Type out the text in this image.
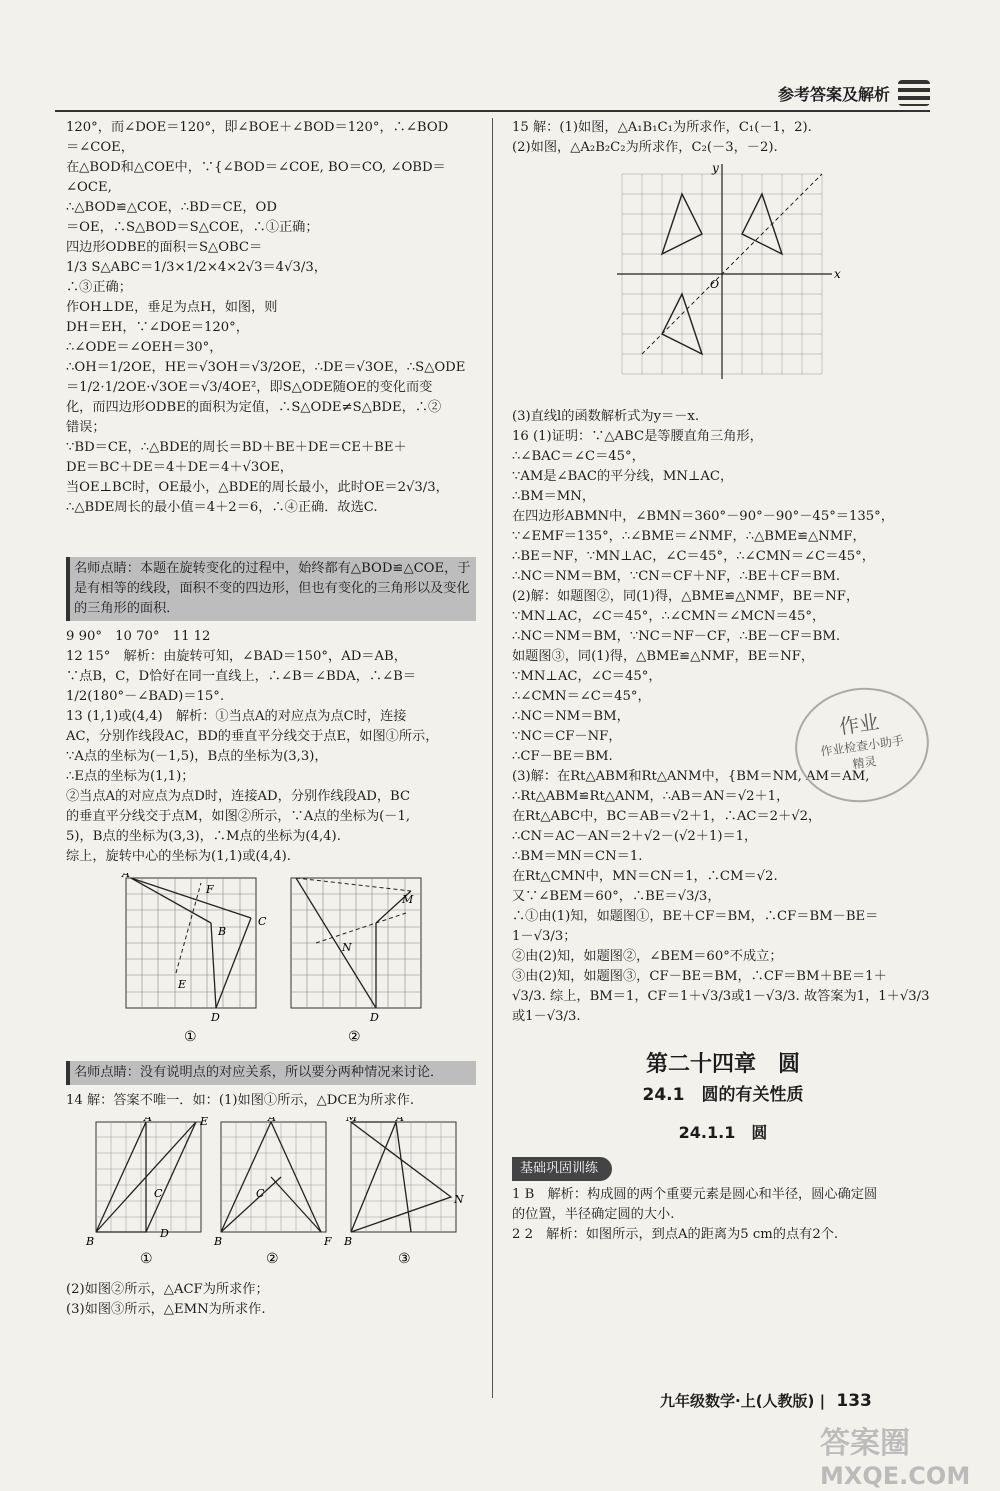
参考答案及解析
120°，而∠DOE＝120°，即∠BOE＋∠BOD＝120°，∴∠BOD
＝∠COE，
在△BOD和△COE中，∵{∠BOD＝∠COE, BO＝CO, ∠OBD＝∠OCE,
∴△BOD≌△COE，∴BD＝CE，OD
＝OE，∴S△BOD＝S△COE，∴①正确；
四边形ODBE的面积＝S△OBC＝
1/3 S△ABC＝1/3×1/2×4×2√3＝4√3/3，
∴③正确；
作OH⊥DE，垂足为点H，如图，则
DH＝EH，∵∠DOE＝120°，
∴∠ODE＝∠OEH＝30°，
∴OH＝1/2OE，HE＝√3OH＝√3/2OE，∴DE＝√3OE，∴S△ODE
＝1/2·1/2OE·√3OE＝√3/4OE²，即S△ODE随OE的变化而变
化，而四边形ODBE的面积为定值，∴S△ODE≠S△BDE，∴②
错误；
∵BD＝CE，∴△BDE的周长＝BD＋BE＋DE＝CE＋BE＋
DE＝BC＋DE＝4＋DE＝4＋√3OE，
当OE⊥BC时，OE最小，△BDE的周长最小，此时OE＝2√3/3，
∴△BDE周长的最小值＝4＋2＝6，∴④正确．故选C.
名师点睛：本题在旋转变化的过程中，始终都有△BOD≌△COE，于是有相等的线段，面积不变的四边形，但也有变化的三角形以及变化的三角形的面积．
9 90°　10 70°　11 12
12 15°　解析：由旋转可知，∠BAD＝150°，AD＝AB，
∵点B，C，D恰好在同一直线上，∴∠B＝∠BDA，∴∠B＝
1/2(180°－∠BAD)＝15°.
13 (1,1)或(4,4)　解析：①当点A的对应点为点C时，连接
AC，分别作线段AC，BD的垂直平分线交于点E，如图①所示，
∵A点的坐标为(－1,5)，B点的坐标为(3,3)，
∴E点的坐标为(1,1)；
②当点A的对应点为点D时，连接AD，分别作线段AD，BC
的垂直平分线交于点M，如图②所示，∵A点的坐标为(－1,
5)，B点的坐标为(3,3)，∴M点的坐标为(4,4).
综上，旋转中心的坐标为(1,1)或(4,4).
F
B
C
E
D
A
N
M
D
①	②
名师点睛：没有说明点的对应关系，所以要分两种情况来讨论．
14 解：答案不唯一．如：(1)如图①所示，△DCE为所求作.
A	E
C
D
B
A
C
B	F
M	A
N
B
①	②	③
(2)如图②所示，△ACF为所求作；
(3)如图③所示，△EMN为所求作.
15 解：(1)如图，△A₁B₁C₁为所求作，C₁(－1，2).
(2)如图，△A₂B₂C₂为所求作，C₂(－3，－2).
x
y
O
(3)直线l的函数解析式为y＝－x.
16 (1)证明：∵△ABC是等腰直角三角形，
∴∠BAC＝∠C＝45°，
∵AM是∠BAC的平分线，MN⊥AC，
∴BM＝MN，
在四边形ABMN中，∠BMN＝360°－90°－90°－45°＝135°，
∵∠EMF＝135°，∴∠BME＝∠NMF，∴△BME≌△NMF，
∴BE＝NF，∵MN⊥AC，∠C＝45°，∴∠CMN＝∠C＝45°，
∴NC＝NM＝BM，∵CN＝CF＋NF，∴BE＋CF＝BM.
(2)解：如题图②，同(1)得，△BME≌△NMF，BE＝NF，
∵MN⊥AC，∠C＝45°，∴∠CMN＝∠MCN＝45°，
∴NC＝NM＝BM，∵NC＝NF－CF，∴BE－CF＝BM.
如题图③，同(1)得，△BME≌△NMF，BE＝NF，
∵MN⊥AC，∠C＝45°，
∴∠CMN＝∠C＝45°，
∴NC＝NM＝BM，
∵NC＝CF－NF，
∴CF－BE＝BM.
(3)解：在Rt△ABM和Rt△ANM中，{BM＝NM, AM＝AM,
∴Rt△ABM≌Rt△ANM，∴AB＝AN＝√2＋1，
在Rt△ABC中，BC＝AB＝√2＋1，∴AC＝2＋√2，
∴CN＝AC－AN＝2＋√2－(√2＋1)＝1，
∴BM＝MN＝CN＝1.
在Rt△CMN中，MN＝CN＝1，∴CM＝√2.
又∵∠BEM＝60°，∴BE＝√3/3，
∴①由(1)知，如题图①，BE＋CF＝BM，∴CF＝BM－BE＝
1－√3/3；
②由(2)知，如题图②，∠BEM＝60°不成立；
③由(2)知，如题图③，CF－BE＝BM，∴CF＝BM＋BE＝1＋
√3/3. 综上，BM＝1，CF＝1＋√3/3或1－√3/3. 故答案为1，1＋√3/3
或1－√3/3.
第二十四章　圆
24.1　圆的有关性质
24.1.1　圆
基础巩固训练
1 B　解析：构成圆的两个重要元素是圆心和半径，圆心确定圆
的位置，半径确定圆的大小.
2 2　解析：如图所示，到点A的距离为5 cm的点有2个.
作业
作业检查小助手
精灵
九年级数学·上(人教版) | 133
答案圈
MXQE.COM
